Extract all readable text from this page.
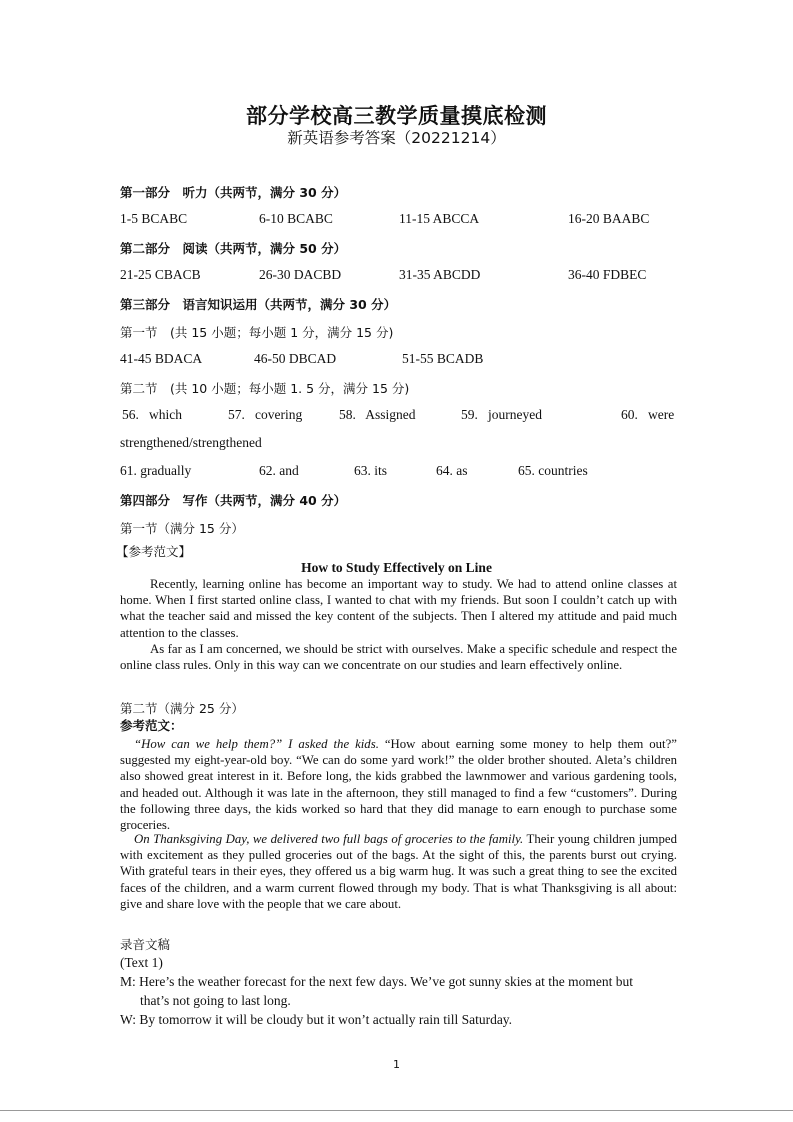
部分学校高三教学质量摸底检测
新英语参考答案（20221214）
第一部分　听力（共两节，满分 30 分）
1-5 BCABC	6-10 BCABC	11-15 ABCCA	16-20 BAABC
第二部分　阅读（共两节，满分 50 分）
21-25 CBACB	26-30 DACBD	31-35 ABCDD	36-40 FDBEC
第三部分　语言知识运用（共两节，满分 30 分）
第一节　(共 15 小题；每小题 1 分，满分 15 分)
41-45 BDACA	46-50 DBCAD	51-55 BCADB
第二节　(共 10 小题；每小题 1. 5 分，满分 15 分)
56.   which	57.   covering	58.   Assigned	59.   journeyed	60.   were
strengthened/strengthened
61. gradually	62. and	63. its	64. as	65. countries
第四部分　写作（共两节，满分 40 分）
第一节（满分 15 分）
【参考范文】
How to Study Effectively on Line

Recently, learning online has become an important way to study. We had to attend online classes at home. When I first started online class, I wanted to chat with my friends. But soon I couldn’t catch up with what the teacher said and missed the key content of the subjects. Then I altered my attitude and paid much attention to the classes.

As far as I am concerned, we should be strict with ourselves. Make a specific schedule and respect the online class rules. Only in this way can we concentrate on our studies and learn effectively online.

第二节（满分 25 分）
参考范文：

“How can we help them?” I asked the kids. “How about earning some money to help them out?” suggested my eight-year-old boy. “We can do some yard work!” the older brother shouted. Aleta’s children also showed great interest in it. Before long, the kids grabbed the lawnmower and various gardening tools, and headed out. Although it was late in the afternoon, they still managed to find a few “customers”. During the following three days, the kids worked so hard that they did manage to earn enough to purchase some groceries.

On Thanksgiving Day, we delivered two full bags of groceries to the family. Their young children jumped with excitement as they pulled groceries out of the bags. At the sight of this, the parents burst out crying. With grateful tears in their eyes, they offered us a big warm hug. It was such a great thing to see the excited faces of the children, and a warm current flowed through my body. That is what Thanksgiving is all about: give and share love with the people that we care about.

录音文稿
(Text 1)
M: Here’s the weather forecast for the next few days. We’ve got sunny skies at the moment but
that’s not going to last long.
W: By tomorrow it will be cloudy but it won’t actually rain till Saturday.
1
